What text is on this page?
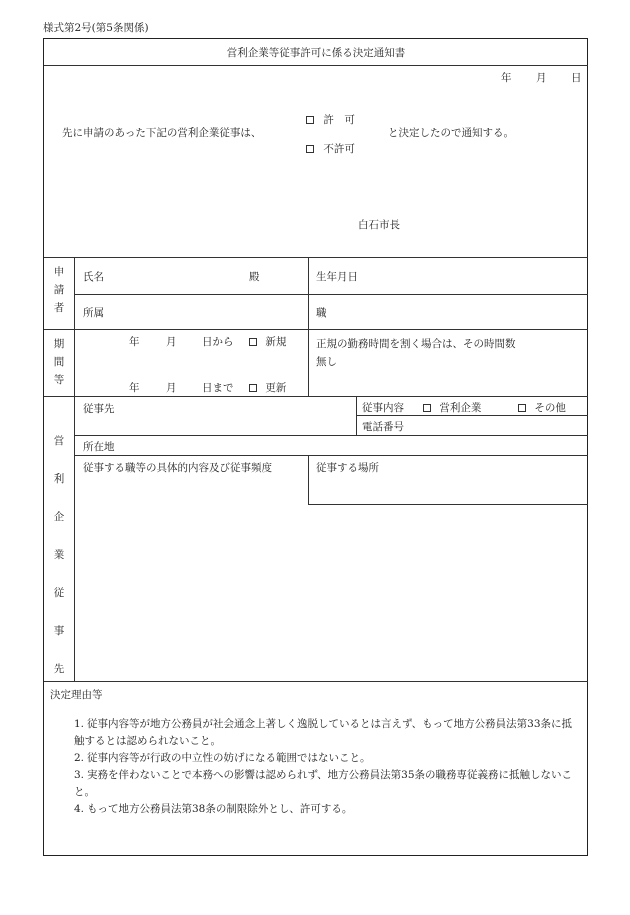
様式第2号(第5条関係)
営利企業等従事許可に係る決定通知書
年 月 日
先に申請のあった下記の営利企業従事は、
許　可
不許可
と決定したので通知する。
白石市長
申
請
者
氏名	殿	生年月日
所属	職
期
間
等
年	月 日から	新規
年	月 日まで	更新
正規の勤務時間を割く場合は、その時間数
無し
営
利
企
業
従
事
先
従事先	従事内容	営利企業	その他
電話番号
所在地
従事する職等の具体的内容及び従事頻度	従事する場所
決定理由等
1. 従事内容等が地方公務員が社会通念上著しく逸脱しているとは言えず、もって地方公務員法第33条に抵触するとは認められないこと。
2. 従事内容等が行政の中立性の妨げになる範囲ではないこと。
3. 実務を伴わないことで本務への影響は認められず、地方公務員法第35条の職務専従義務に抵触しないこと。
4. もって地方公務員法第38条の制限除外とし、許可する。
